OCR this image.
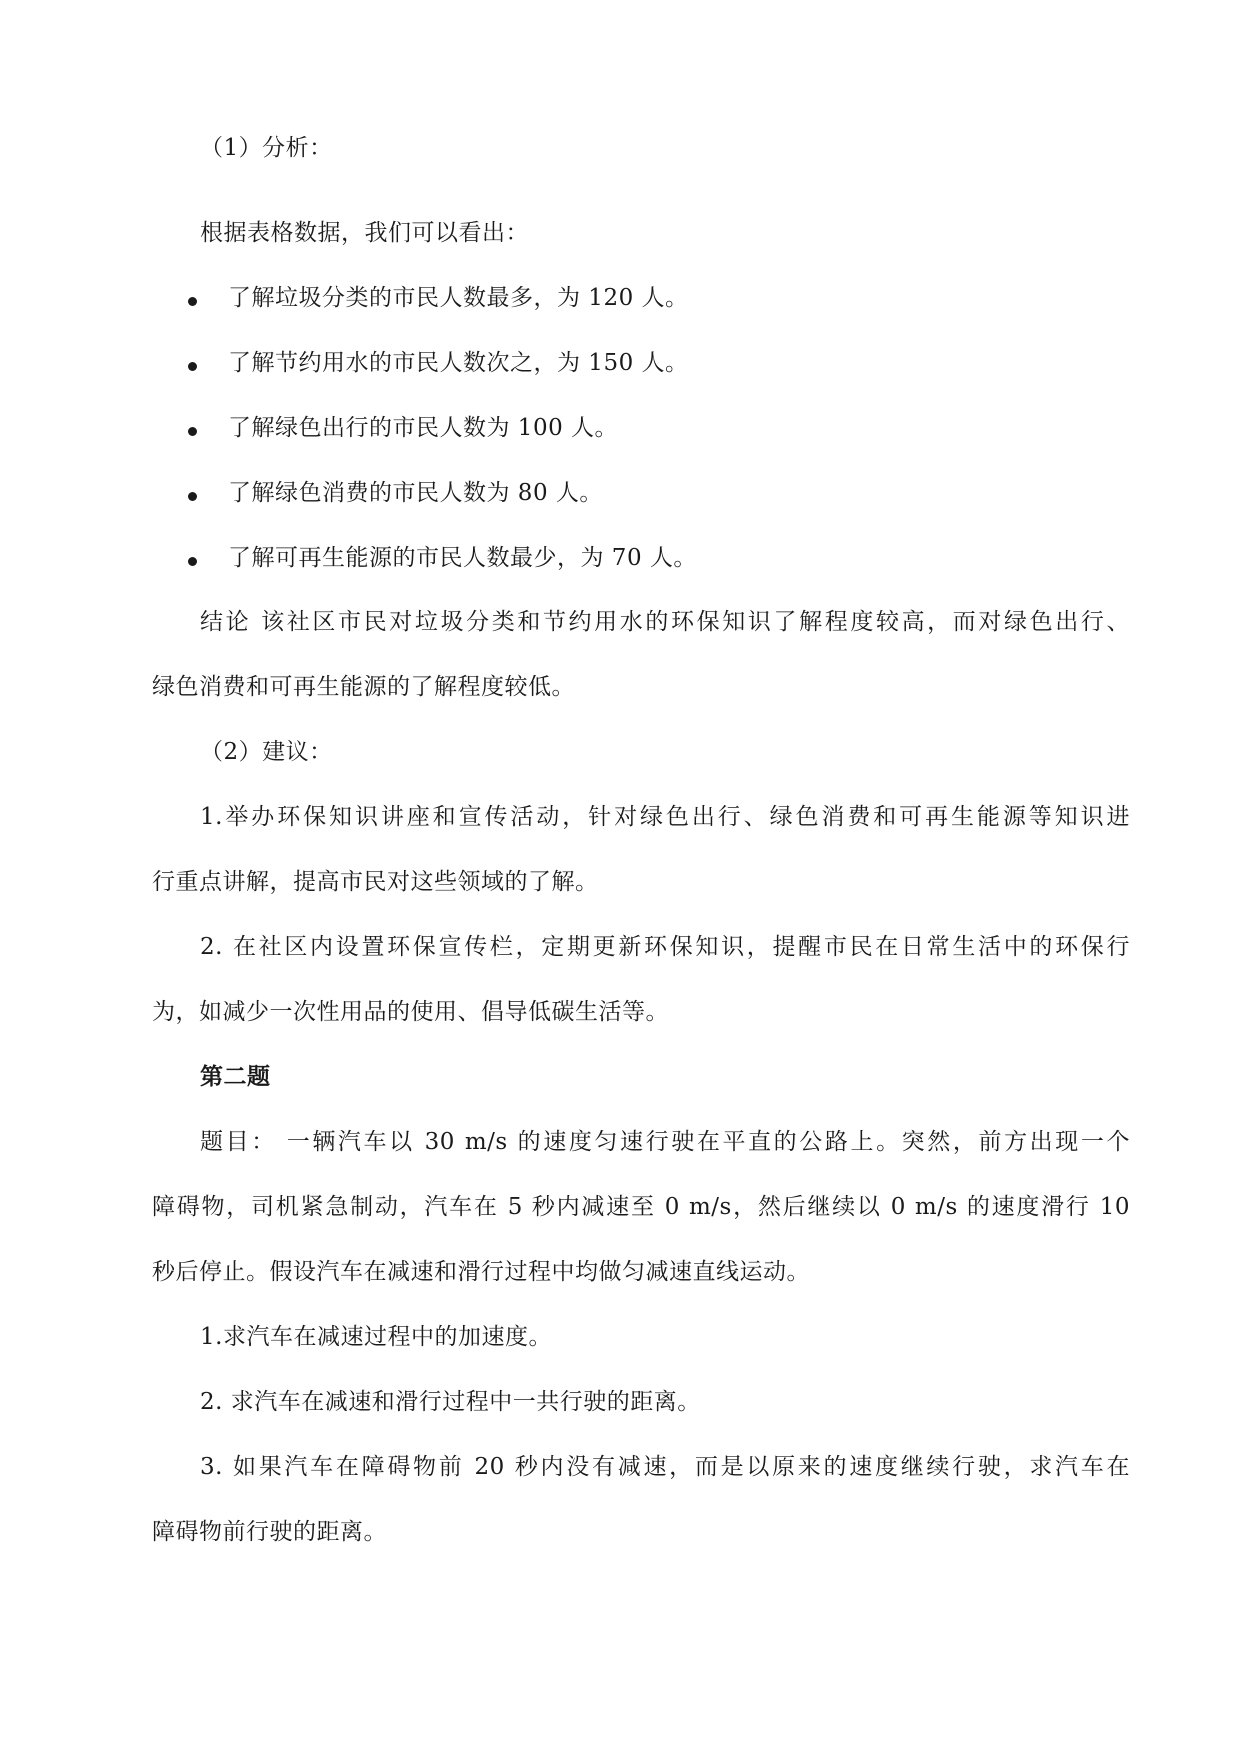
（1）分析：
根据表格数据，我们可以看出：
了解垃圾分类的市民人数最多，为 120 人。
了解节约用水的市民人数次之，为 150 人。
了解绿色出行的市民人数为 100 人。
了解绿色消费的市民人数为 80 人。
了解可再生能源的市民人数最少，为 70 人。
结论 该社区市民对垃圾分类和节约用水的环保知识了解程度较高，而对绿色出行、
绿色消费和可再生能源的了解程度较低。
（2）建议：
1.举办环保知识讲座和宣传活动，针对绿色出行、绿色消费和可再生能源等知识进
行重点讲解，提高市民对这些领域的了解。
2. 在社区内设置环保宣传栏，定期更新环保知识，提醒市民在日常生活中的环保行
为，如减少一次性用品的使用、倡导低碳生活等。
第二题
题目： 一辆汽车以 30 m/s 的速度匀速行驶在平直的公路上。突然，前方出现一个
障碍物，司机紧急制动，汽车在 5 秒内减速至 0 m/s，然后继续以 0 m/s 的速度滑行 10
秒后停止。假设汽车在减速和滑行过程中均做匀减速直线运动。
1.求汽车在减速过程中的加速度。
2. 求汽车在减速和滑行过程中一共行驶的距离。
3. 如果汽车在障碍物前 20 秒内没有减速，而是以原来的速度继续行驶，求汽车在
障碍物前行驶的距离。
